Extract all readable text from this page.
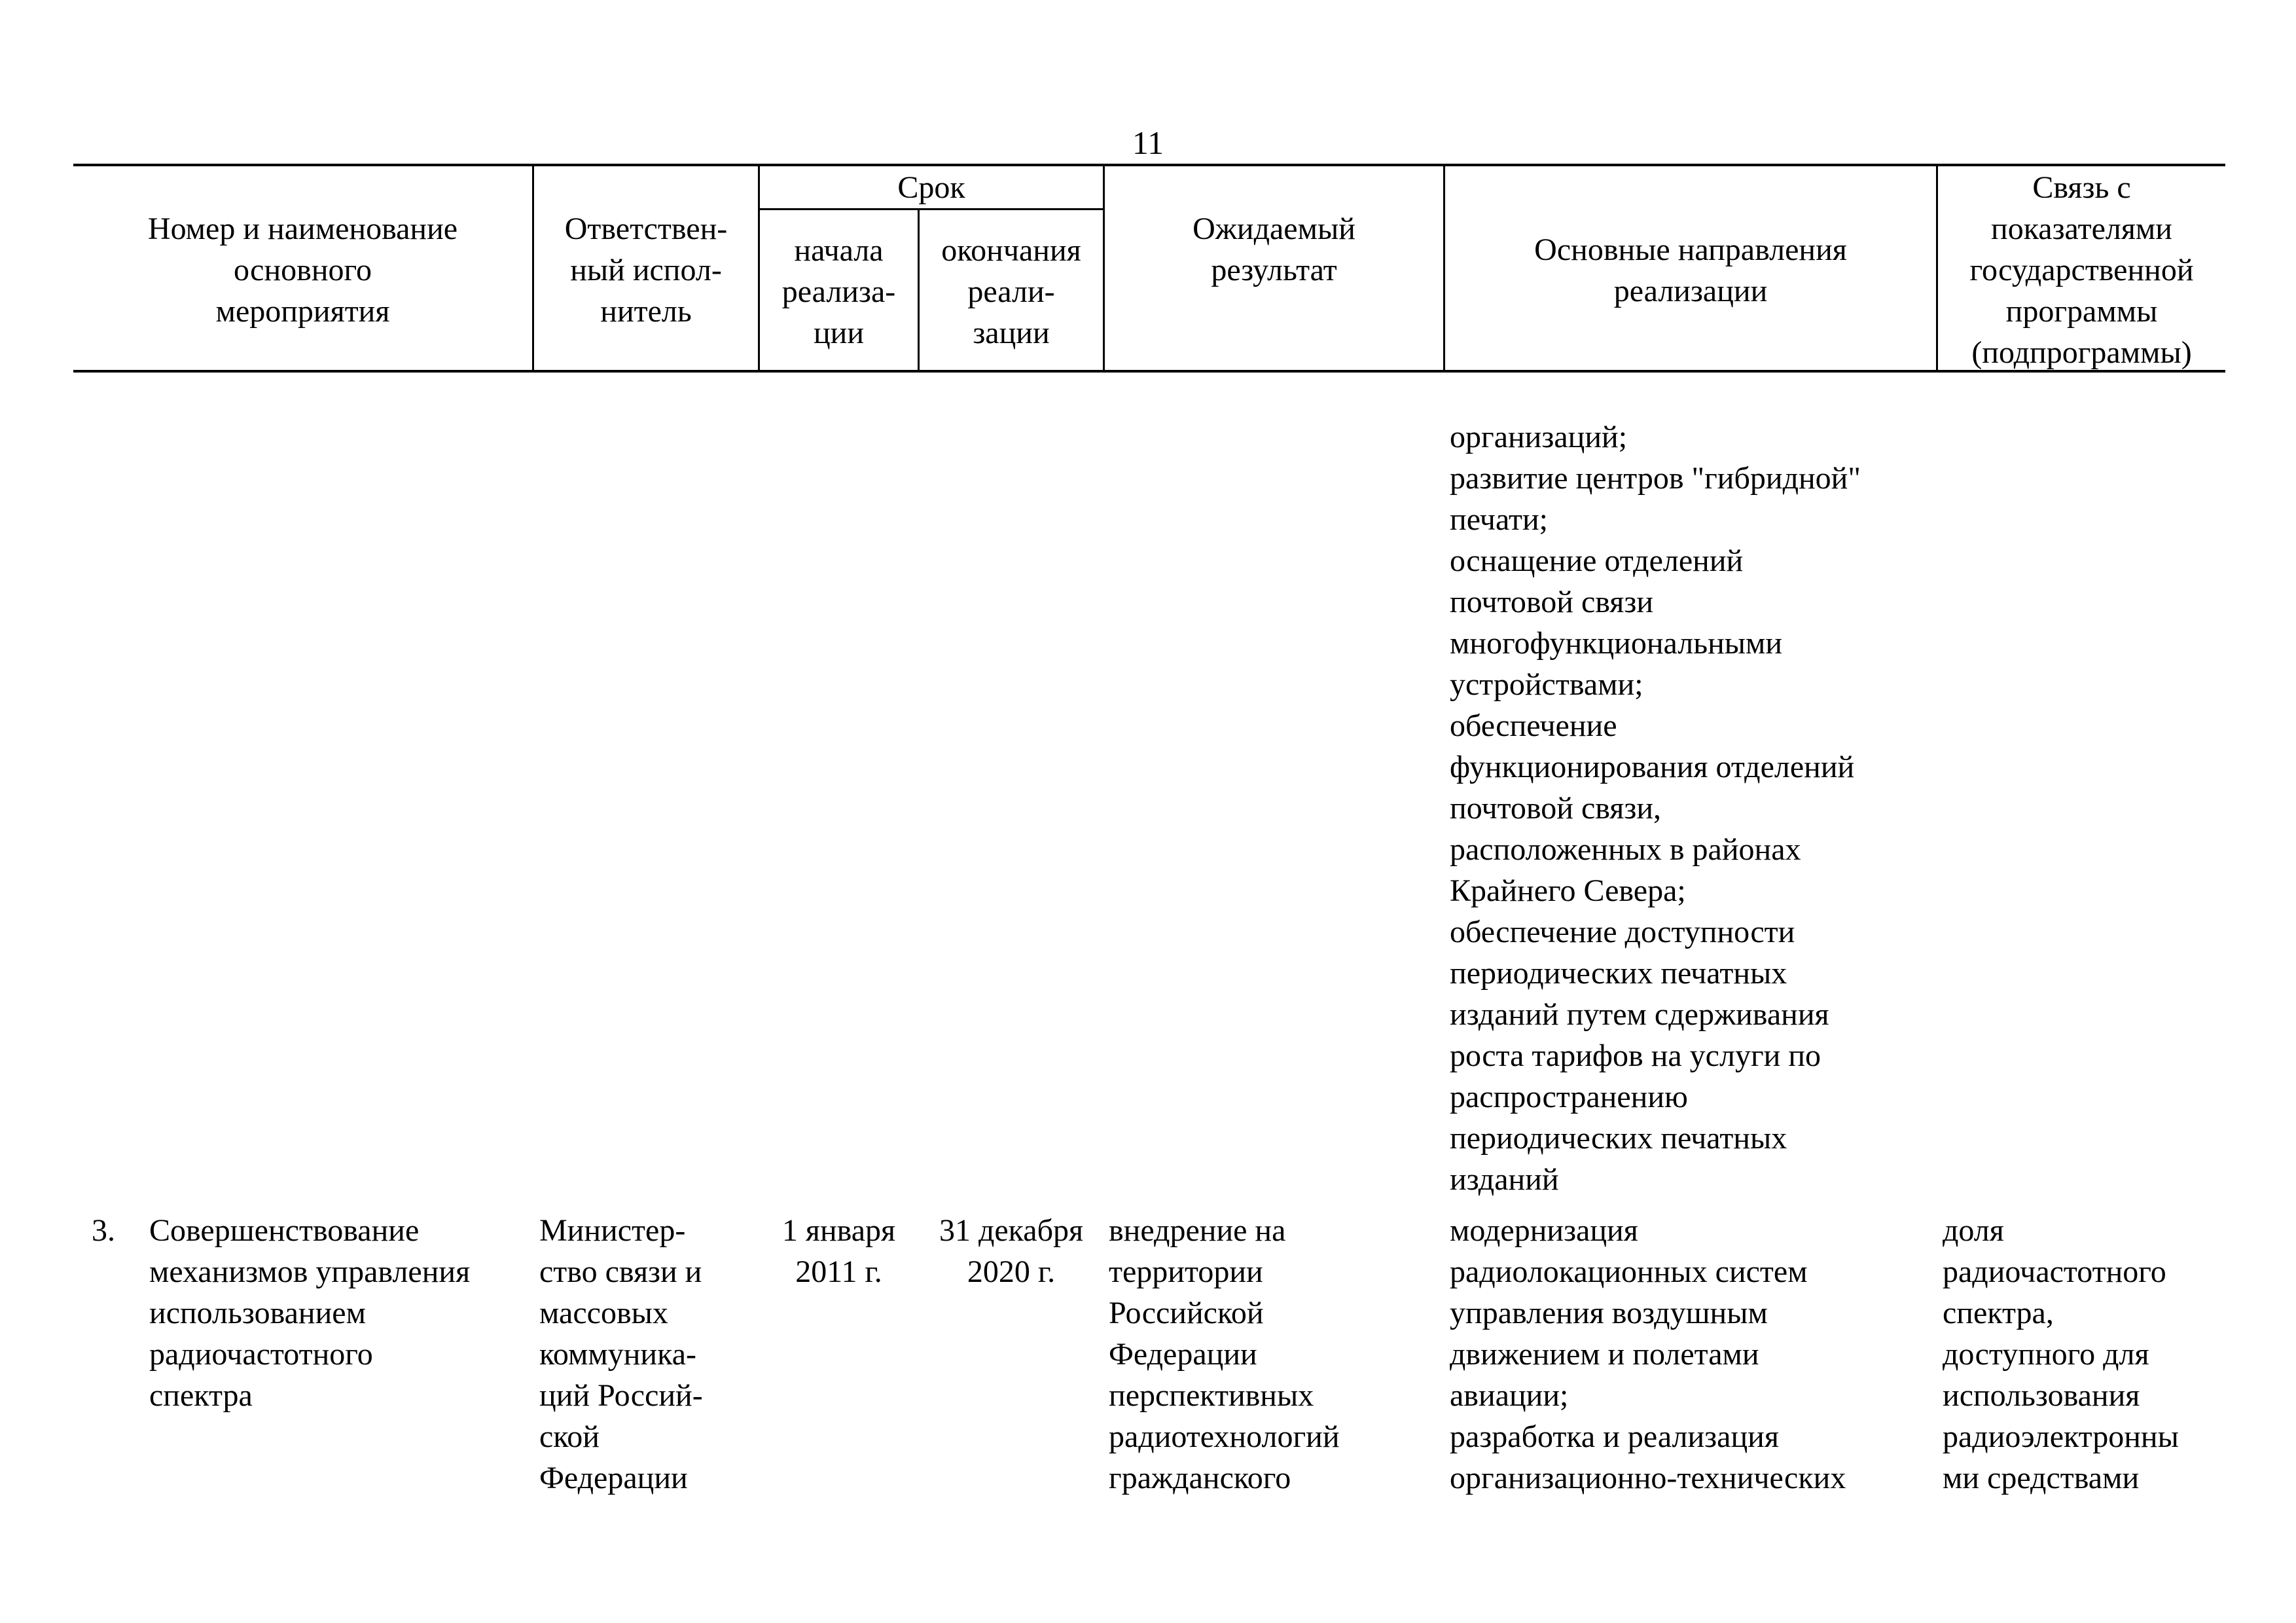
11
Номер и наименование
основного
мероприятия
Ответствен-
ный испол-
нитель
Срок
начала
реализа-
ции
окончания
реали-
зации
Ожидаемый
результат
Основные направления
реализации
Связь с
показателями
государственной
программы
(подпрограммы)
организаций;
развитие центров "гибридной"
печати;
оснащение отделений
почтовой связи
многофункциональными
устройствами;
обеспечение
функционирования отделений
почтовой связи,
расположенных в районах
Крайнего Севера;
обеспечение доступности
периодических печатных
изданий путем сдерживания
роста тарифов на услуги по
распространению
периодических печатных
изданий
3. Совершенствование
механизмов управления
использованием
радиочастотного
спектра
Министер-
ство связи и
массовых
коммуника-
ций Россий-
ской
Федерации
1 января
2011 г.
31 декабря
2020 г.
внедрение на
территории
Российской
Федерации
перспективных
радиотехнологий
гражданского
модернизация
радиолокационных систем
управления воздушным
движением и полетами
авиации;
разработка и реализация
организационно-технических
доля
радиочастотного
спектра,
доступного для
использования
радиоэлектронны
ми средствами
